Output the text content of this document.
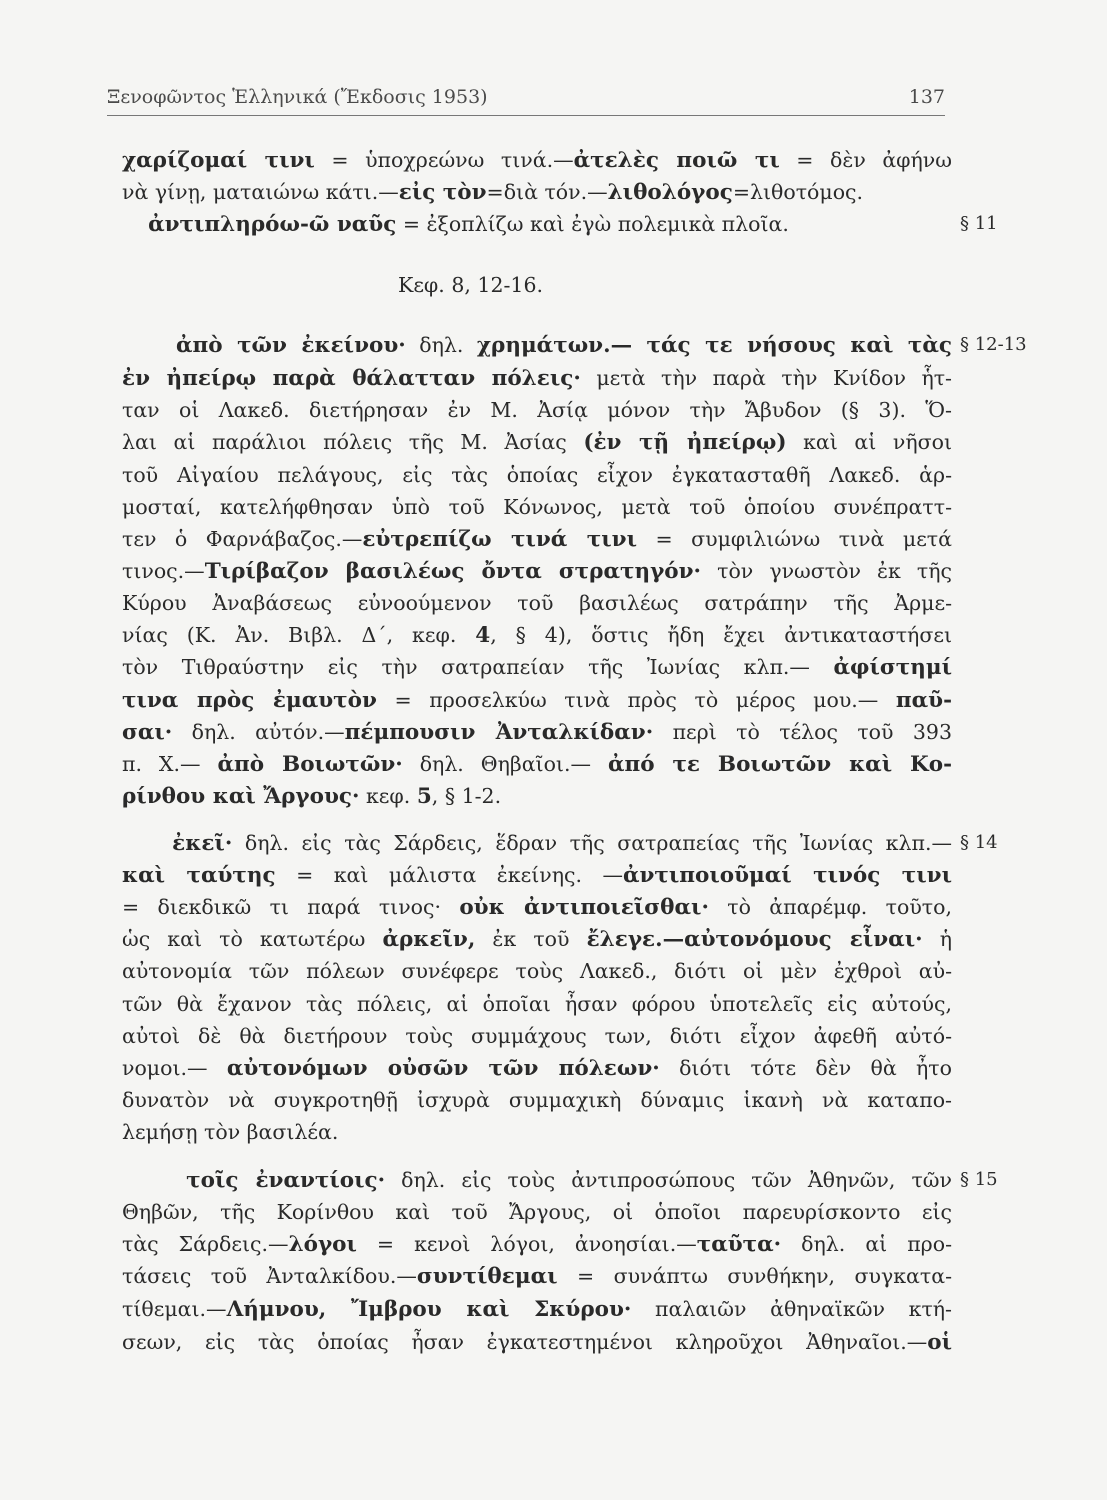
Ξενοφῶντος Ἑλληνικά (Ἔκδοσις 1953)	137
χαρίζομαί τινι = ὑποχρεώνω τινά.—ἀτελὲς ποιῶ τι = δὲν ἀφήνω
νὰ γίνῃ, ματαιώνω κάτι.—εἰς τὸν=διὰ τόν.—λιθολόγος=λιθοτόμος.
ἀντιπληρόω-ῶ ναῦς = ἐξοπλίζω καὶ ἐγὼ πολεμικὰ πλοῖα.
Κεφ. 8, 12-16.
ἀπὸ τῶν ἐκείνου· δηλ. χρημάτων.— τάς τε νήσους καὶ τὰς
ἐν ἠπείρῳ παρὰ θάλατταν πόλεις· μετὰ τὴν παρὰ τὴν Κνίδον ἧτ-
ταν οἱ Λακεδ. διετήρησαν ἐν Μ. Ἀσίᾳ μόνον τὴν Ἄβυδον (§ 3). Ὅ-
λαι αἱ παράλιοι πόλεις τῆς Μ. Ἀσίας (ἐν τῇ ἠπείρῳ) καὶ αἱ νῆσοι
τοῦ Αἰγαίου πελάγους, εἰς τὰς ὁποίας εἶχον ἐγκατασταθῆ Λακεδ. ἁρ-
μοσταί, κατελήφθησαν ὑπὸ τοῦ Κόνωνος, μετὰ τοῦ ὁποίου συνέπραττ-
τεν ὁ Φαρνάβαζος.—εὐτρεπίζω τινά τινι = συμφιλιώνω τινὰ μετά
τινος.—Τιρίβαζον βασιλέως ὄντα στρατηγόν· τὸν γνωστὸν ἐκ τῆς
Κύρου Ἀναβάσεως εὐνοούμενον τοῦ βασιλέως σατράπην τῆς Ἀρμε-
νίας (Κ. Ἀν. Βιβλ. Δ΄, κεφ. 4, § 4), ὅστις ἤδη ἔχει ἀντικαταστήσει
τὸν Τιθραύστην εἰς τὴν σατραπείαν τῆς Ἰωνίας κλπ.— ἀφίστημί
τινα πρὸς ἐμαυτὸν = προσελκύω τινὰ πρὸς τὸ μέρος μου.— παῦ-
σαι· δηλ. αὐτόν.—πέμπουσιν Ἀνταλκίδαν· περὶ τὸ τέλος τοῦ 393
π. Χ.— ἀπὸ Βοιωτῶν· δηλ. Θηβαῖοι.— ἀπό τε Βοιωτῶν καὶ Κο-
ρίνθου καὶ Ἄργους· κεφ. 5, § 1-2.
ἐκεῖ· δηλ. εἰς τὰς Σάρδεις, ἕδραν τῆς σατραπείας τῆς Ἰωνίας κλπ.—
καὶ ταύτης = καὶ μάλιστα ἐκείνης. —ἀντιποιοῦμαί τινός τινι
= διεκδικῶ τι παρά τινος· οὐκ ἀντιποιεῖσθαι· τὸ ἀπαρέμφ. τοῦτο,
ὡς καὶ τὸ κατωτέρω ἀρκεῖν, ἐκ τοῦ ἔλεγε.—αὐτονόμους εἶναι· ἡ
αὐτονομία τῶν πόλεων συνέφερε τοὺς Λακεδ., διότι οἱ μὲν ἐχθροὶ αὐ-
τῶν θὰ ἔχανον τὰς πόλεις, αἱ ὁποῖαι ἦσαν φόρου ὑποτελεῖς εἰς αὐτούς,
αὐτοὶ δὲ θὰ διετήρουν τοὺς συμμάχους των, διότι εἶχον ἀφεθῆ αὐτό-
νομοι.— αὐτονόμων οὐσῶν τῶν πόλεων· διότι τότε δὲν θὰ ἦτο
δυνατὸν νὰ συγκροτηθῇ ἰσχυρὰ συμμαχικὴ δύναμις ἱκανὴ νὰ καταπο-
λεμήσῃ τὸν βασιλέα.
τοῖς ἐναντίοις· δηλ. εἰς τοὺς ἀντιπροσώπους τῶν Ἀθηνῶν, τῶν
Θηβῶν, τῆς Κορίνθου καὶ τοῦ Ἄργους, οἱ ὁποῖοι παρευρίσκοντο εἰς
τὰς Σάρδεις.—λόγοι = κενοὶ λόγοι, ἀνοησίαι.—ταῦτα· δηλ. αἱ προ-
τάσεις τοῦ Ἀνταλκίδου.—συντίθεμαι = συνάπτω συνθήκην, συγκατα-
τίθεμαι.—Λήμνου, Ἴμβρου καὶ Σκύρου· παλαιῶν ἀθηναϊκῶν κτή-
σεων, εἰς τὰς ὁποίας ἦσαν ἐγκατεστημένοι κληροῦχοι Ἀθηναῖοι.—οἱ
§ 11
§ 12-13
§ 14
§ 15
